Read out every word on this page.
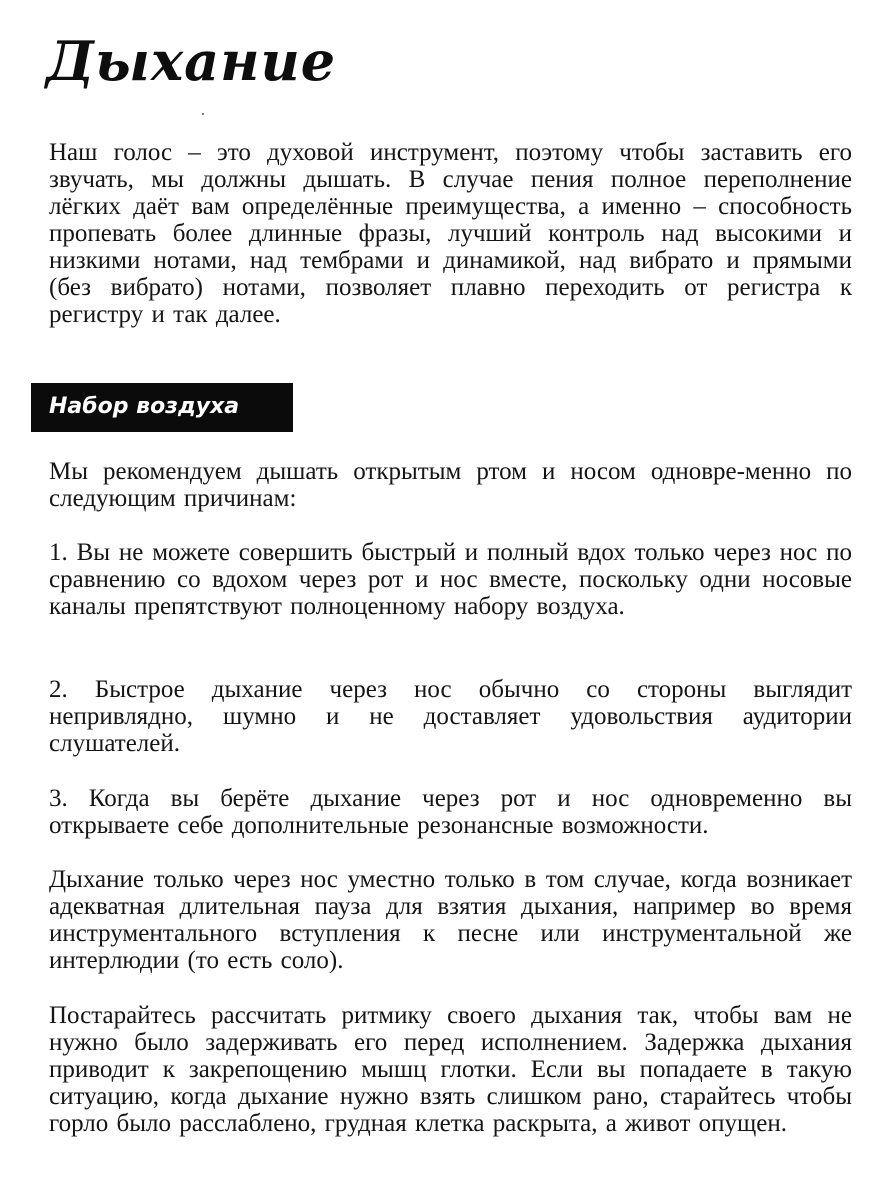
Дыхание

Наш голос – это духовой инструмент, поэтому чтобы заставить его звучать, мы должны дышать. В случае пения полное переполнение лёгких даёт вам определённые преимущества, а именно – способность пропевать более длинные фразы, лучший контроль над высокими и низкими нотами, над тембрами и динамикой, над вибрато и прямыми (без вибрато) нотами, позволяет плавно переходить от регистра к регистру и так далее.

Набор воздуха

Мы рекомендуем дышать открытым ртом и носом одновре-менно по следующим причинам:

1. Вы не можете совершить быстрый и полный вдох только через нос по сравнению со вдохом через рот и нос вместе, поскольку одни носовые каналы препятствуют полноценному набору воздуха.

2. Быстрое дыхание через нос обычно со стороны выглядит непривлядно, шумно и не доставляет удовольствия аудитории слушателей.

3. Когда вы берёте дыхание через рот и нос одновременно вы открываете себе дополнительные резонансные возможности.

Дыхание только через нос уместно только в том случае, когда возникает адекватная длительная пауза для взятия дыхания, например во время инструментального вступления к песне или инструментальной же интерлюдии (то есть соло).

Постарайтесь рассчитать ритмику своего дыхания так, чтобы вам не нужно было задерживать его перед исполнением. Задержка дыхания приводит к закрепощению мышц глотки. Если вы попадаете в такую ситуацию, когда дыхание нужно взять слишком рано, старайтесь чтобы горло было расслаблено, грудная клетка раскрыта, а живот опущен.
